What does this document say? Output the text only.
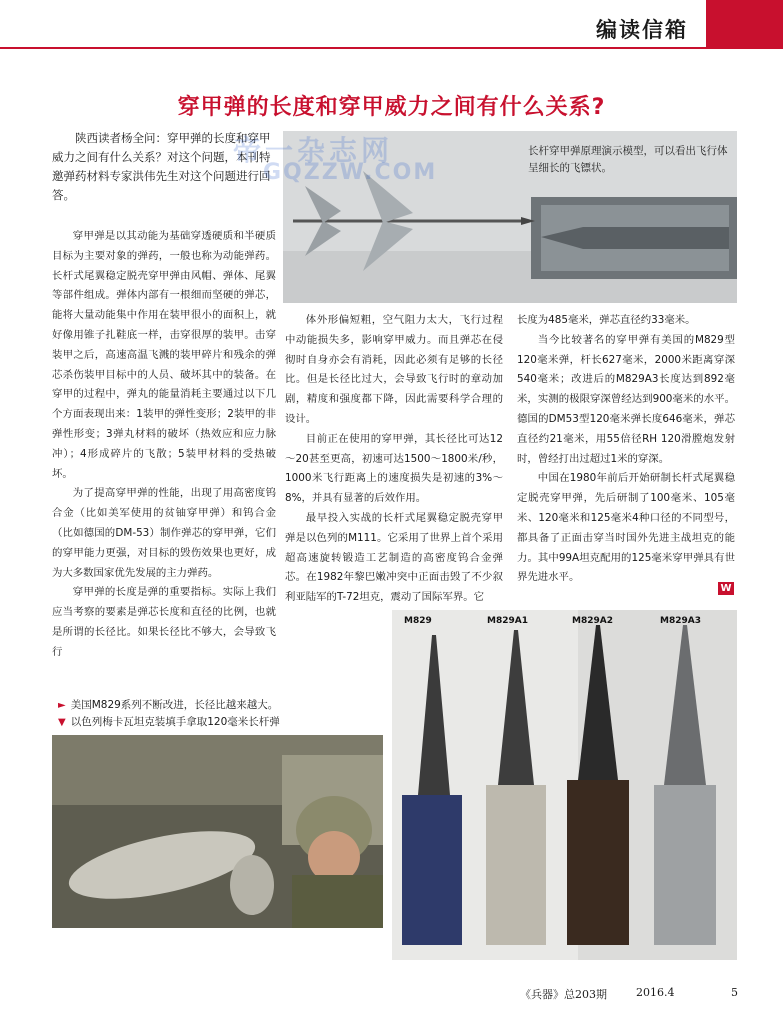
编读信箱
穿甲弹的长度和穿甲威力之间有什么关系?
陕西读者杨全问：穿甲弹的长度和穿甲威力之间有什么关系？对这个问题，本刊特邀弹药材料专家洪伟先生对这个问题进行回答。
长杆穿甲弹原理演示模型，可以看出飞行体呈细长的飞镖状。

穿甲弹是以其动能为基础穿透硬质和半硬质目标为主要对象的弹药，一般也称为动能弹药。长杆式尾翼稳定脱壳穿甲弹由风帽、弹体、尾翼等部件组成。弹体内部有一根细而坚硬的弹芯，能将大量动能集中作用在装甲很小的面积上，就好像用锥子扎鞋底一样，击穿很厚的装甲。击穿装甲之后，高速高温飞溅的装甲碎片和残余的弹芯杀伤装甲目标中的人员、破坏其中的装备。在穿甲的过程中，弹丸的能量消耗主要通过以下几个方面表现出来：1装甲的弹性变形；2装甲的非弹性形变；3弹丸材料的破坏（热效应和应力脉冲）；4形成碎片的飞散；5装甲材料的受热破坏。

为了提高穿甲弹的性能，出现了用高密度钨合金（比如美军使用的贫铀穿甲弹）和钨合金（比如德国的DM-53）制作弹芯的穿甲弹，它们的穿甲能力更强，对目标的毁伤效果也更好，成为大多数国家优先发展的主力弹药。

穿甲弹的长度是弹的重要指标。实际上我们应当考察的要素是弹芯长度和直径的比例，也就是所谓的长径比。如果长径比不够大，会导致飞行

体外形偏短粗，空气阻力太大，飞行过程中动能损失多，影响穿甲威力。而且弹芯在侵彻时自身亦会有消耗，因此必须有足够的长径比。但是长径比过大，会导致飞行时的章动加剧，精度和强度都下降，因此需要科学合理的设计。

目前正在使用的穿甲弹，其长径比可达12～20甚至更高，初速可达1500～1800米/秒，1000米飞行距离上的速度损失是初速的3%～8%，并具有显著的后效作用。

最早投入实战的长杆式尾翼稳定脱壳穿甲弹是以色列的M111。它采用了世界上首个采用超高速旋转锻造工艺制造的高密度钨合金弹芯。在1982年黎巴嫩冲突中正面击毁了不少叙利亚陆军的T-72坦克，震动了国际军界。它

长度为485毫米，弹芯直径约33毫米。

当今比较著名的穿甲弹有美国的M829型120毫米弹，杆长627毫米，2000米距离穿深540毫米；改进后的M829A3长度达到892毫米，实测的极限穿深曾经达到900毫米的水平。德国的DM53型120毫米弹长度646毫米，弹芯直径约21毫米，用55倍径RH 120滑膛炮发射时，曾经打出过超过1米的穿深。

中国在1980年前后开始研制长杆式尾翼稳定脱壳穿甲弹，先后研制了100毫米、105毫米、120毫米和125毫米4种口径的不同型号，都具备了正面击穿当时国外先进主战坦克的能力。其中99A坦克配用的125毫米穿甲弹具有世界先进水平。

W
► 美国M829系列不断改进，长径比越来越大。
▼ 以色列梅卡瓦坦克装填手拿取120毫米长杆弹
M829	M829A1	M829A2	M829A3
帝一杂志网
GQZZW.COM
《兵器》总203期	2016.4	5
